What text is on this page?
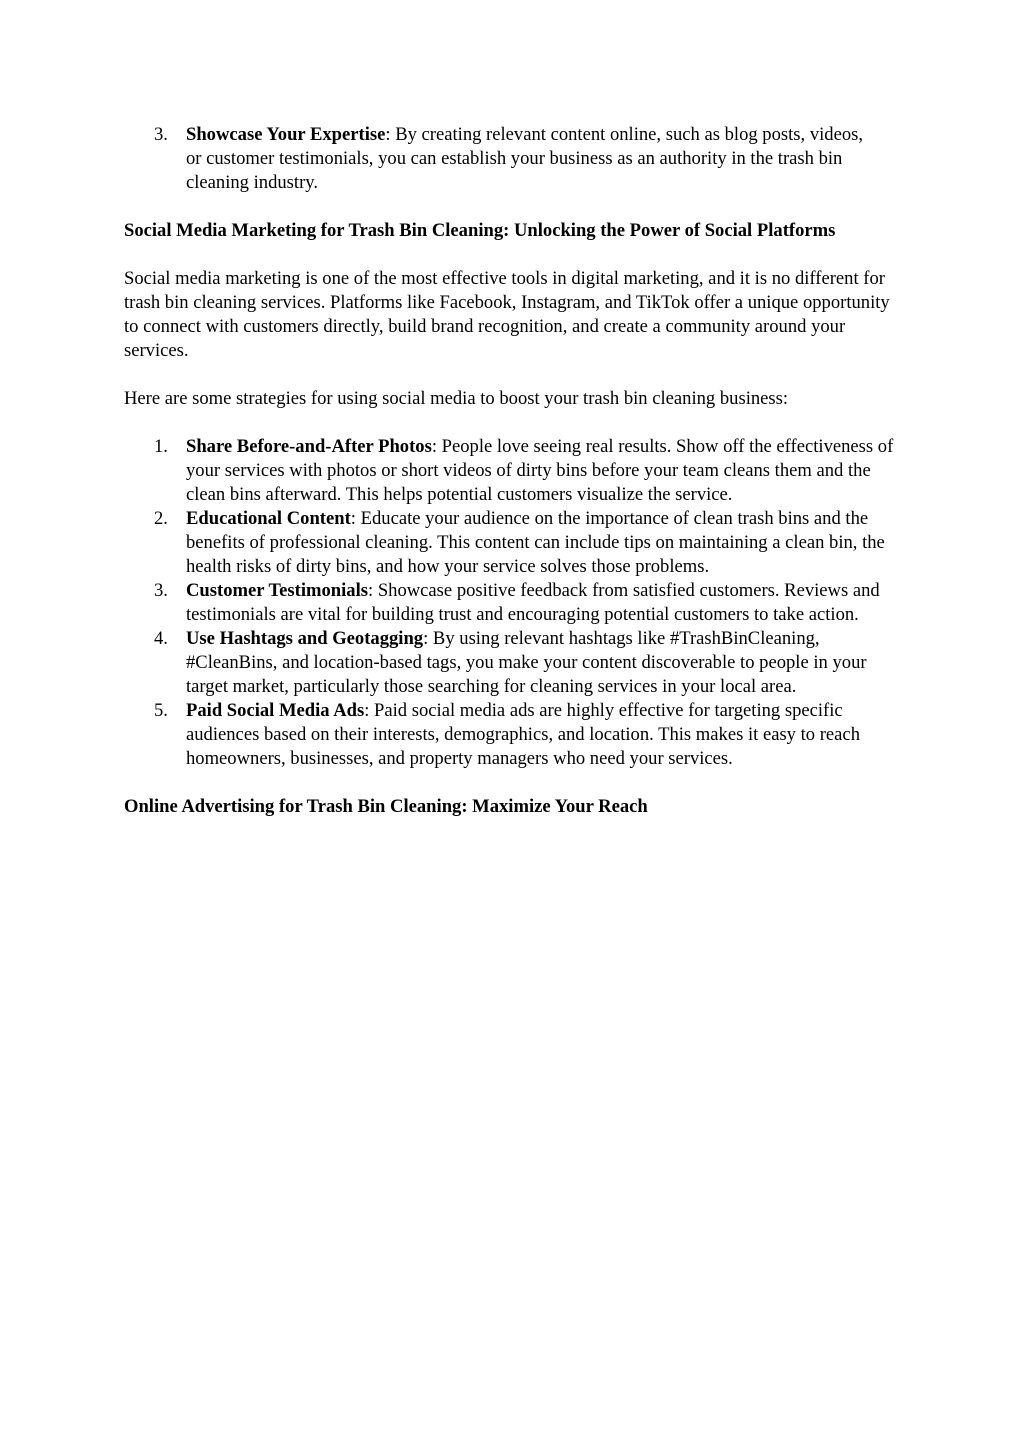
3. Showcase Your Expertise: By creating relevant content online, such as blog posts, videos, or customer testimonials, you can establish your business as an authority in the trash bin cleaning industry.
Social Media Marketing for Trash Bin Cleaning: Unlocking the Power of Social Platforms

Social media marketing is one of the most effective tools in digital marketing, and it is no different for trash bin cleaning services. Platforms like Facebook, Instagram, and TikTok offer a unique opportunity to connect with customers directly, build brand recognition, and create a community around your services.

Here are some strategies for using social media to boost your trash bin cleaning business:

1. Share Before-and-After Photos: People love seeing real results. Show off the effectiveness of your services with photos or short videos of dirty bins before your team cleans them and the clean bins afterward. This helps potential customers visualize the service.
2. Educational Content: Educate your audience on the importance of clean trash bins and the benefits of professional cleaning. This content can include tips on maintaining a clean bin, the health risks of dirty bins, and how your service solves those problems.
3. Customer Testimonials: Showcase positive feedback from satisfied customers. Reviews and testimonials are vital for building trust and encouraging potential customers to take action.
4. Use Hashtags and Geotagging: By using relevant hashtags like #TrashBinCleaning, #CleanBins, and location-based tags, you make your content discoverable to people in your target market, particularly those searching for cleaning services in your local area.
5. Paid Social Media Ads: Paid social media ads are highly effective for targeting specific audiences based on their interests, demographics, and location. This makes it easy to reach homeowners, businesses, and property managers who need your services.
Online Advertising for Trash Bin Cleaning: Maximize Your Reach
